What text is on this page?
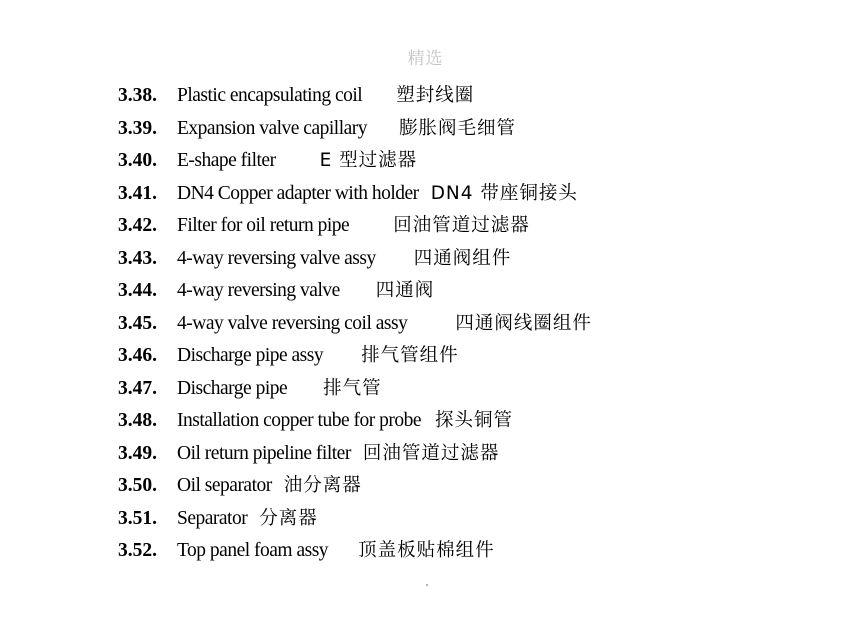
精选
3.38. Plastic encapsulating coil 塑封线圈
3.39. Expansion valve capillary 膨胀阀毛细管
3.40. E-shape filter E 型过滤器
3.41. DN4 Copper adapter with holder DN4 带座铜接头
3.42. Filter for oil return pipe 回油管道过滤器
3.43. 4-way reversing valve assy 四通阀组件
3.44. 4-way reversing valve 四通阀
3.45. 4-way valve reversing coil assy	四通阀线圈组件
3.46. Discharge pipe assy 排气管组件
3.47. Discharge pipe 排气管
3.48. Installation copper tube for probe 探头铜管
3.49. Oil return pipeline filter 回油管道过滤器
3.50. Oil separator 油分离器
3.51. Separator 分离器
3.52. Top panel foam assy 顶盖板贴棉组件
